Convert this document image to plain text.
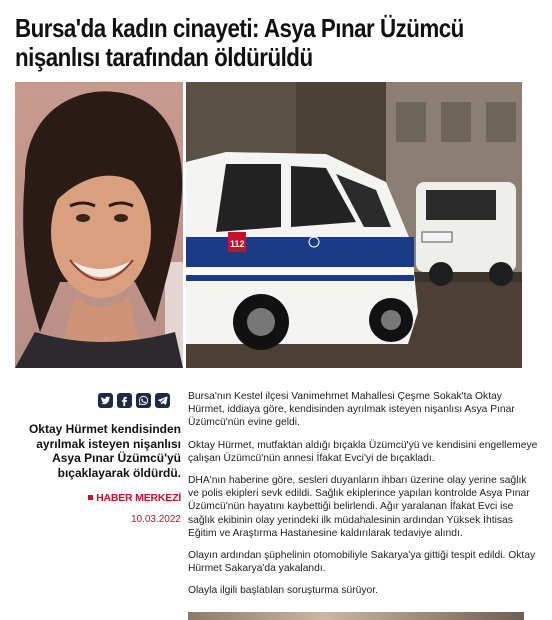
Bursa'da kadın cinayeti: Asya Pınar Üzümcü nişanlısı tarafından öldürüldü
112	POLİS
Oktay Hürmet kendisinden ayrılmak isteyen nişanlısı Asya Pınar Üzümcü'yü bıçaklayarak öldürdü.
HABER MERKEZİ
10.03.2022

Bursa'nın Kestel ilçesi Vanimehmet Mahallesi Çeşme Sokak'ta Oktay Hürmet, iddiaya göre, kendisinden ayrılmak isteyen nişanlısı Asya Pınar Üzümcü'nün evine geldi.

Oktay Hürmet, mutfaktan aldığı bıçakla Üzümcü'yü ve kendisini engellemeye çalışan Üzümcü'nün annesi İfakat Evci'yi de bıçakladı.

DHA'nın haberine göre, sesleri duyanların ihbarı üzerine olay yerine sağlık ve polis ekipleri sevk edildi. Sağlık ekiplerince yapılan kontrolde Asya Pınar Üzümcü'nün hayatını kaybettiği belirlendi. Ağır yaralanan İfakat Evci ise sağlık ekibinin olay yerindeki ilk müdahalesinin ardından Yüksek İhtisas Eğitim ve Araştırma Hastanesine kaldırılarak tedaviye alındı.

Olayın ardından şüphelinin otomobiliyle Sakarya'ya gittiği tespit edildi. Oktay Hürmet Sakarya'da yakalandı.

Olayla ilgili başlatılan soruşturma sürüyor.
